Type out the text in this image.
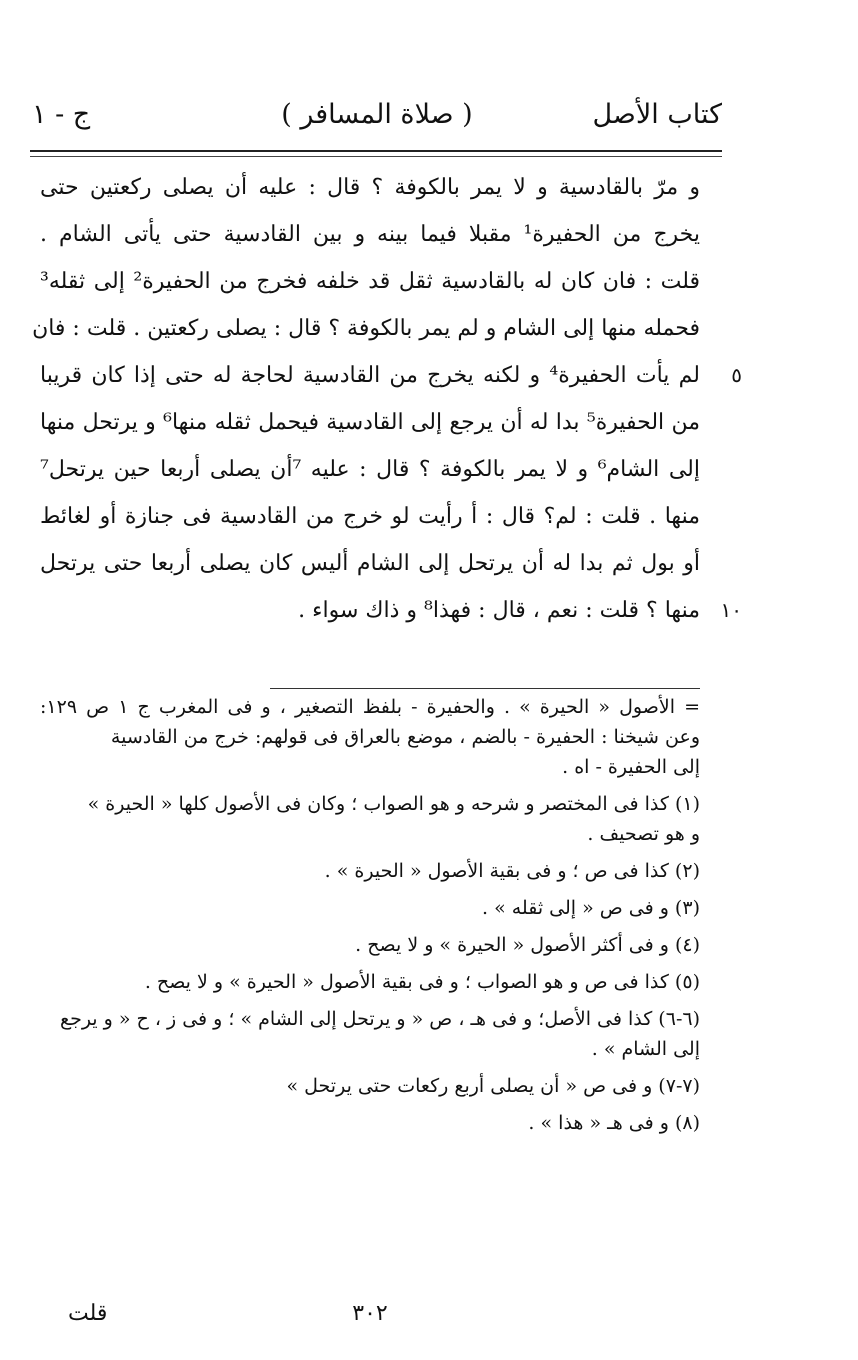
كتاب الأصل
( صلاة المسافر )
ج - ١
و مرّ بالقادسية و لا يمر بالكوفة ؟ قال : عليه أن يصلى ركعتين حتى
يخرج من الحفيرة¹ مقبلا فيما بينه و بين القادسية حتى يأتى الشام .
قلت : فان كان له بالقادسية ثقل قد خلفه فخرج من الحفيرة² إلى ثقله³
فحمله منها إلى الشام و لم يمر بالكوفة ؟ قال : يصلى ركعتين . قلت : فان
٥
لم يأت الحفيرة⁴ و لكنه يخرج من القادسية لحاجة له حتى إذا كان قريبا
من الحفيرة⁵ بدا له أن يرجع إلى القادسية فيحمل ثقله منها⁶ و يرتحل منها
إلى الشام⁶ و لا يمر بالكوفة ؟ قال : عليه ⁷أن يصلى أربعا حين يرتحل⁷
منها . قلت : لم؟ قال : أ رأيت لو خرج من القادسية فى جنازة أو لغائط
أو بول ثم بدا له أن يرتحل إلى الشام أليس كان يصلى أربعا حتى يرتحل
١٠
منها ؟ قلت : نعم ، قال : فهذا⁸ و ذاك سواء .
= الأصول « الحيرة » . والحفيرة - بلفظ التصغير ، و فى المغرب ج ١ ص ١٢٩:
وعن شيخنا : الحفيرة - بالضم ، موضع بالعراق فى قولهم: خرج من القادسية
إلى الحفيرة - اه .
(١) كذا فى المختصر و شرحه و هو الصواب ؛ وكان فى الأصول كلها « الحيرة »
و هو تصحيف .
(٢) كذا فى ص ؛ و فى بقية الأصول « الحيرة » .
(٣) و فى ص « إلى ثقله » .
(٤) و فى أكثر الأصول « الحيرة » و لا يصح .
(٥) كذا فى ص و هو الصواب ؛ و فى بقية الأصول « الحيرة » و لا يصح .
(٦-٦) كذا فى الأصل؛ و فى هـ ، ص « و يرتحل إلى الشام » ؛ و فى ز ، ح « و يرجع
إلى الشام » .
(٧-٧) و فى ص « أن يصلى أربع ركعات حتى يرتحل »
(٨) و فى هـ « هذا » .
٣٠٢
قلت
